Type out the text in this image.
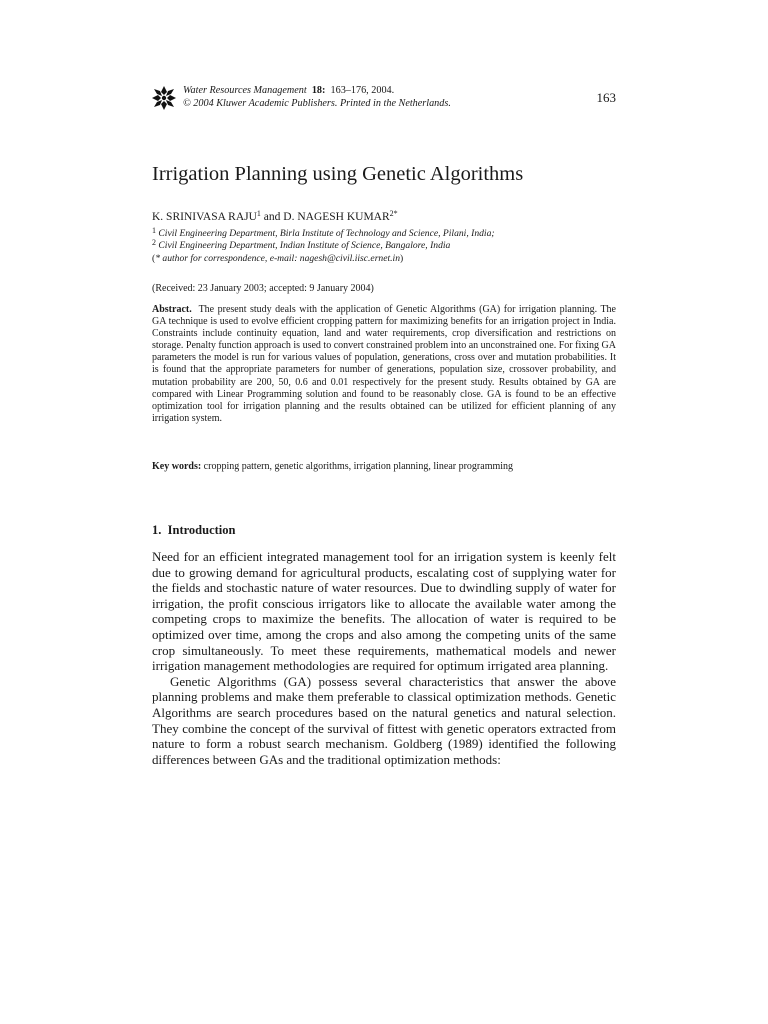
Water Resources Management 18: 163–176, 2004.
© 2004 Kluwer Academic Publishers. Printed in the Netherlands.	163
Irrigation Planning using Genetic Algorithms
K. SRINIVASA RAJU$^1$ and D. NAGESH $KUMAR^{2*}$
$^1$ Civil Engineering Department, Birla Institute of Technology and Science, Pilani, India;
$^2$ Civil Engineering Department, Indian Institute of Science, Bangalore, India
(* author for correspondence, e-mail: nagesh@civil.iisc.ernet.in)
(Received: 23 January 2003; accepted: 9 January 2004)
Abstract. The present study deals with the application of Genetic Algorithms (GA) for irrigation planning. The GA technique is used to evolve efficient cropping pattern for maximizing benefits for an irrigation project in India. Constraints include continuity equation, land and water requirements, crop diversification and restrictions on storage. Penalty function approach is used to convert constrained problem into an unconstrained one. For fixing GA parameters the model is run for various values of population, generations, cross over and mutation probabilities. It is found that the appropriate parameters for number of generations, population size, crossover probability, and mutation probability are 200, 50, 0.6 and 0.01 respectively for the present study. Results obtained by GA are compared with Linear Programming solution and found to be reasonably close. GA is found to be an effective optimization tool for irrigation planning and the results obtained can be utilized for efficient planning of any irrigation system.
Key words: cropping pattern, genetic algorithms, irrigation planning, linear programming
1.  Introduction

Need for an efficient integrated management tool for an irrigation system is keenly felt due to growing demand for agricultural products, escalating cost of supplying water for the fields and stochastic nature of water resources. Due to dwindling supply of water for irrigation, the profit conscious irrigators like to allocate the available water among the competing crops to maximize the benefits. The allocation of water is required to be optimized over time, among the crops and also among the competing units of the same crop simultaneously. To meet these requirements, mathematical models and newer irrigation management methodologies are required for optimum irrigated area planning.

Genetic Algorithms (GA) possess several characteristics that answer the above planning problems and make them preferable to classical optimization methods. Genetic Algorithms are search procedures based on the natural genetics and natural selection. They combine the concept of the survival of fittest with genetic operators extracted from nature to form a robust search mechanism. Goldberg (1989) identified the following differences between GAs and the traditional optimization methods:
